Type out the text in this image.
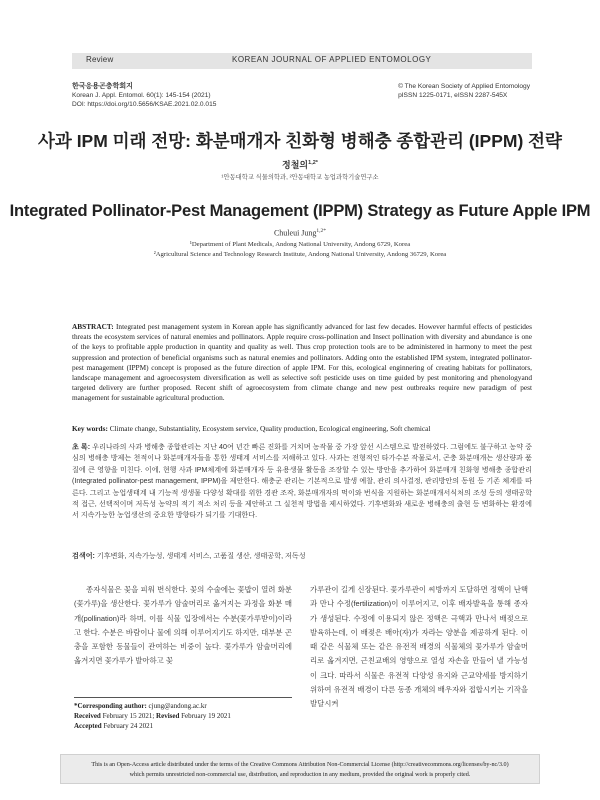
Review	KOREAN JOURNAL OF APPLIED ENTOMOLOGY
한국응용곤충학회지
Korean J. Appl. Entomol. 60(1): 145-154 (2021)
DOI: https://doi.org/10.5656/KSAE.2021.02.0.015
© The Korean Society of Applied Entomology
pISSN 1225-0171, eISSN 2287-545X
사과 IPM 미래 전망: 화분매개자 친화형 병해충 종합관리 (IPPM) 전략
정철의$^{1,2*}$
¹안동대학교 식물의학과, ²안동대학교 농업과학기술연구소
Integrated Pollinator-Pest Management (IPPM) Strategy as Future Apple IPM
Chuleui Jung$^{1,2*}$
¹Department of Plant Medicals, Andong National University, Andong 6729, Korea
²Agricultural Science and Technology Research Institute, Andong National University, Andong 36729, Korea
ABSTRACT: Integrated pest management system in Korean apple has significantly advanced for last few decades. However harmful effects of pesticides threats the ecosystem services of natural enemies and pollinators. Apple require cross-pollination and Insect pollination with diversity and abundance is one of the keys to profitable apple production in quantity and quality as well. Thus crop protection tools are to be administered in harmony to meet the pest suppression and protection of beneficial organisms such as natural enemies and pollinators. Adding onto the established IPM system, integrated pollinator-pest management (IPPM) concept is proposed as the future direction of apple IPM. For this, ecological enginnering of creating habitats for pollinators, landscape management and agroecosystem diversification as well as selective soft pesticide uses on time guided by pest monitoring and phenologyand targeted delivery are further proposed. Recent shift of agroecosystem from climate change and new pest outbreaks require new paradigm of pest management for sustainable agricultural production.
Key words: Climate change, Substantiality, Ecosystem service, Quality production, Ecological engineering, Soft chemical
초 록: 우리나라의 사과 병해충 종합관리는 지난 40여 년간 빠른 진화를 거치며 농작물 중 가장 앞선 시스템으로 발전하였다. 그럼에도 불구하고 농약 중심의 병해충 방제는 천적이나 화분매개자들을 통한 생태계 서비스를 저해하고 있다. 사과는 전형적인 타가수분 작물로서, 곤충 화분매개는 생산량과 품질에 큰 영향을 미친다. 이에, 현행 사과 IPM체계에 화분매개자 등 유용생물 활동을 조장할 수 있는 방안을 추가하여 화분매개 친화형 병해충 종합관리(Integrated pollinator-pest management, IPPM)을 제안한다. 해충군 관리는 기본적으로 발생 예찰, 관리 의사결정, 관리방안의 동원 등 기존 체계를 따른다. 그리고 농업생태계 내 기능적 생생물 다양성 확대를 위한 경관 조작, 화분매개자의 먹이와 번식을 지원하는 화분매개서식처의 조성 등의 생태공학적 접근, 선택적이며 저독성 농약의 적기 적소 처리 등을 제안하고 그 실천적 방법을 제시하였다. 기후변화와 새로운 병해충의 출현 등 변화하는 환경에서 지속가능한 농업생산의 중요한 방향타가 되기를 기대한다.
검색어: 기후변화, 지속가능성, 생태계 서비스, 고품질 생산, 생태공학, 저독성
종자식물은 꽃을 피워 번식한다. 꽃의 수술에는 꽃밥이 열려 화분(꽃가루)을 생산한다. 꽃가루가 암술머리로 옮겨지는 과정을 화분 매개(pollination)라 하며, 이를 식물 입장에서는 수분(꽃가루받이)이라고 한다. 수분은 바람이나 물에 의해 이루어지기도 하지만, 대부분 곤충을 포함한 동물들이 관여하는 비중이 높다. 꽃가루가 암술머리에 옮겨지면 꽃가루가 발아하고 꽃
가루관이 길게 신장된다. 꽃가루관이 씨방까지 도달하면 정핵이 난핵과 만나 수정(fertilization)이 이루어지고, 이후 배자발육을 통해 종자가 생성된다. 수정에 이용되지 않은 정핵은 극핵과 만나서 배젖으로 발육하는데, 이 배젖은 배아(자)가 자라는 양분을 제공하게 된다. 이 때 같은 식물체 또는 같은 유전적 배경의 식물체의 꽃가루가 암술머리로 옮겨지면, 근친교배의 영향으로 열성 자손을 만들어 낼 가능성이 크다. 따라서 식물은 유전적 다양성 유지와 근교약세를 방지하기 위하여 유전적 배경이 다른 동종 개체의 배우자와 접합시키는 기작을 발달시켜
*Corresponding author: cjung@andong.ac.kr
Received February 15 2021; Revised February 19 2021
Accepted February 24 2021
This is an Open-Access article distributed under the terms of the Creative Commons Attribution Non-Commercial License (http://creativecommons.org/licenses/by-nc/3.0)
which permits unrestricted non-commercial use, distribution, and reproduction in any medium, provided the original work is properly cited.
